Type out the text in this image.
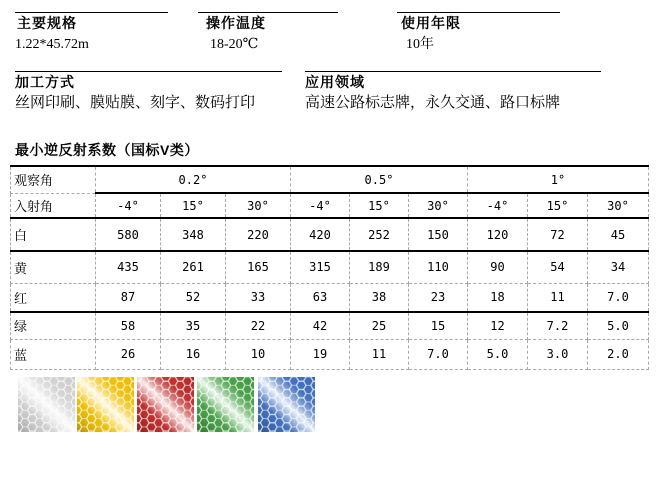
主要规格
1.22*45.72m
操作温度
18-20℃
使用年限
10年
加工方式
丝网印刷、膜贴膜、刻字、数码打印
应用领域
高速公路标志牌，永久交通、路口标牌
最小逆反射系数（国标V类）
观察角	0.2°			0.5°			1°		
入射角	-4°	15°	30°	-4°	15°	30°	-4°	15°	30°
白	580	348	220	420	252	150	120	72	45
黄	435	261	165	315	189	110	90	54	34
红	87	52	33	63	38	23	18	11	7.0
绿	58	35	22	42	25	15	12	7.2	5.0
蓝	26	16	10	19	11	7.0	5.0	3.0	2.0
